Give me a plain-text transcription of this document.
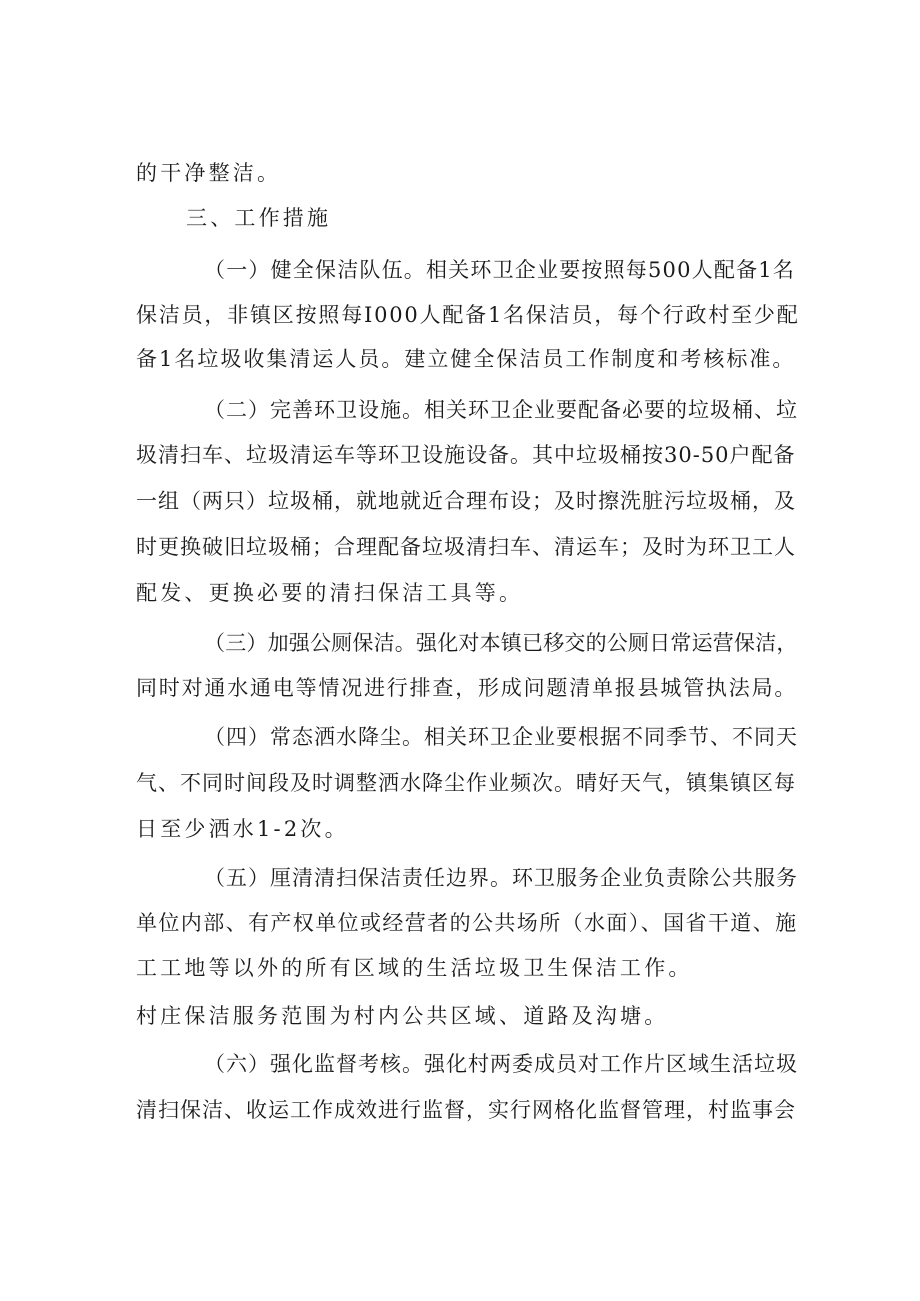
的干净整洁。
三、工作措施
（一）健全保洁队伍。相关环卫企业要按照每500人配备1名
保洁员，非镇区按照每I000人配备1名保洁员，每个行政村至少配
备1名垃圾收集清运人员。建立健全保洁员工作制度和考核标准。
（二）完善环卫设施。相关环卫企业要配备必要的垃圾桶、垃
圾清扫车、垃圾清运车等环卫设施设备。其中垃圾桶按30-50户配备
一组（两只）垃圾桶，就地就近合理布设；及时擦洗脏污垃圾桶，及
时更换破旧垃圾桶；合理配备垃圾清扫车、清运车；及时为环卫工人
配发、更换必要的清扫保洁工具等。
（三）加强公厕保洁。强化对本镇已移交的公厕日常运营保洁，
同时对通水通电等情况进行排查，形成问题清单报县城管执法局。
（四）常态洒水降尘。相关环卫企业要根据不同季节、不同天
气、不同时间段及时调整洒水降尘作业频次。晴好天气，镇集镇区每
日至少洒水1-2次。
（五）厘清清扫保洁责任边界。环卫服务企业负责除公共服务
单位内部、有产权单位或经营者的公共场所（水面）、国省干道、施
工工地等以外的所有区域的生活垃圾卫生保洁工作。
村庄保洁服务范围为村内公共区域、道路及沟塘。
（六）强化监督考核。强化村两委成员对工作片区域生活垃圾
清扫保洁、收运工作成效进行监督，实行网格化监督管理，村监事会
